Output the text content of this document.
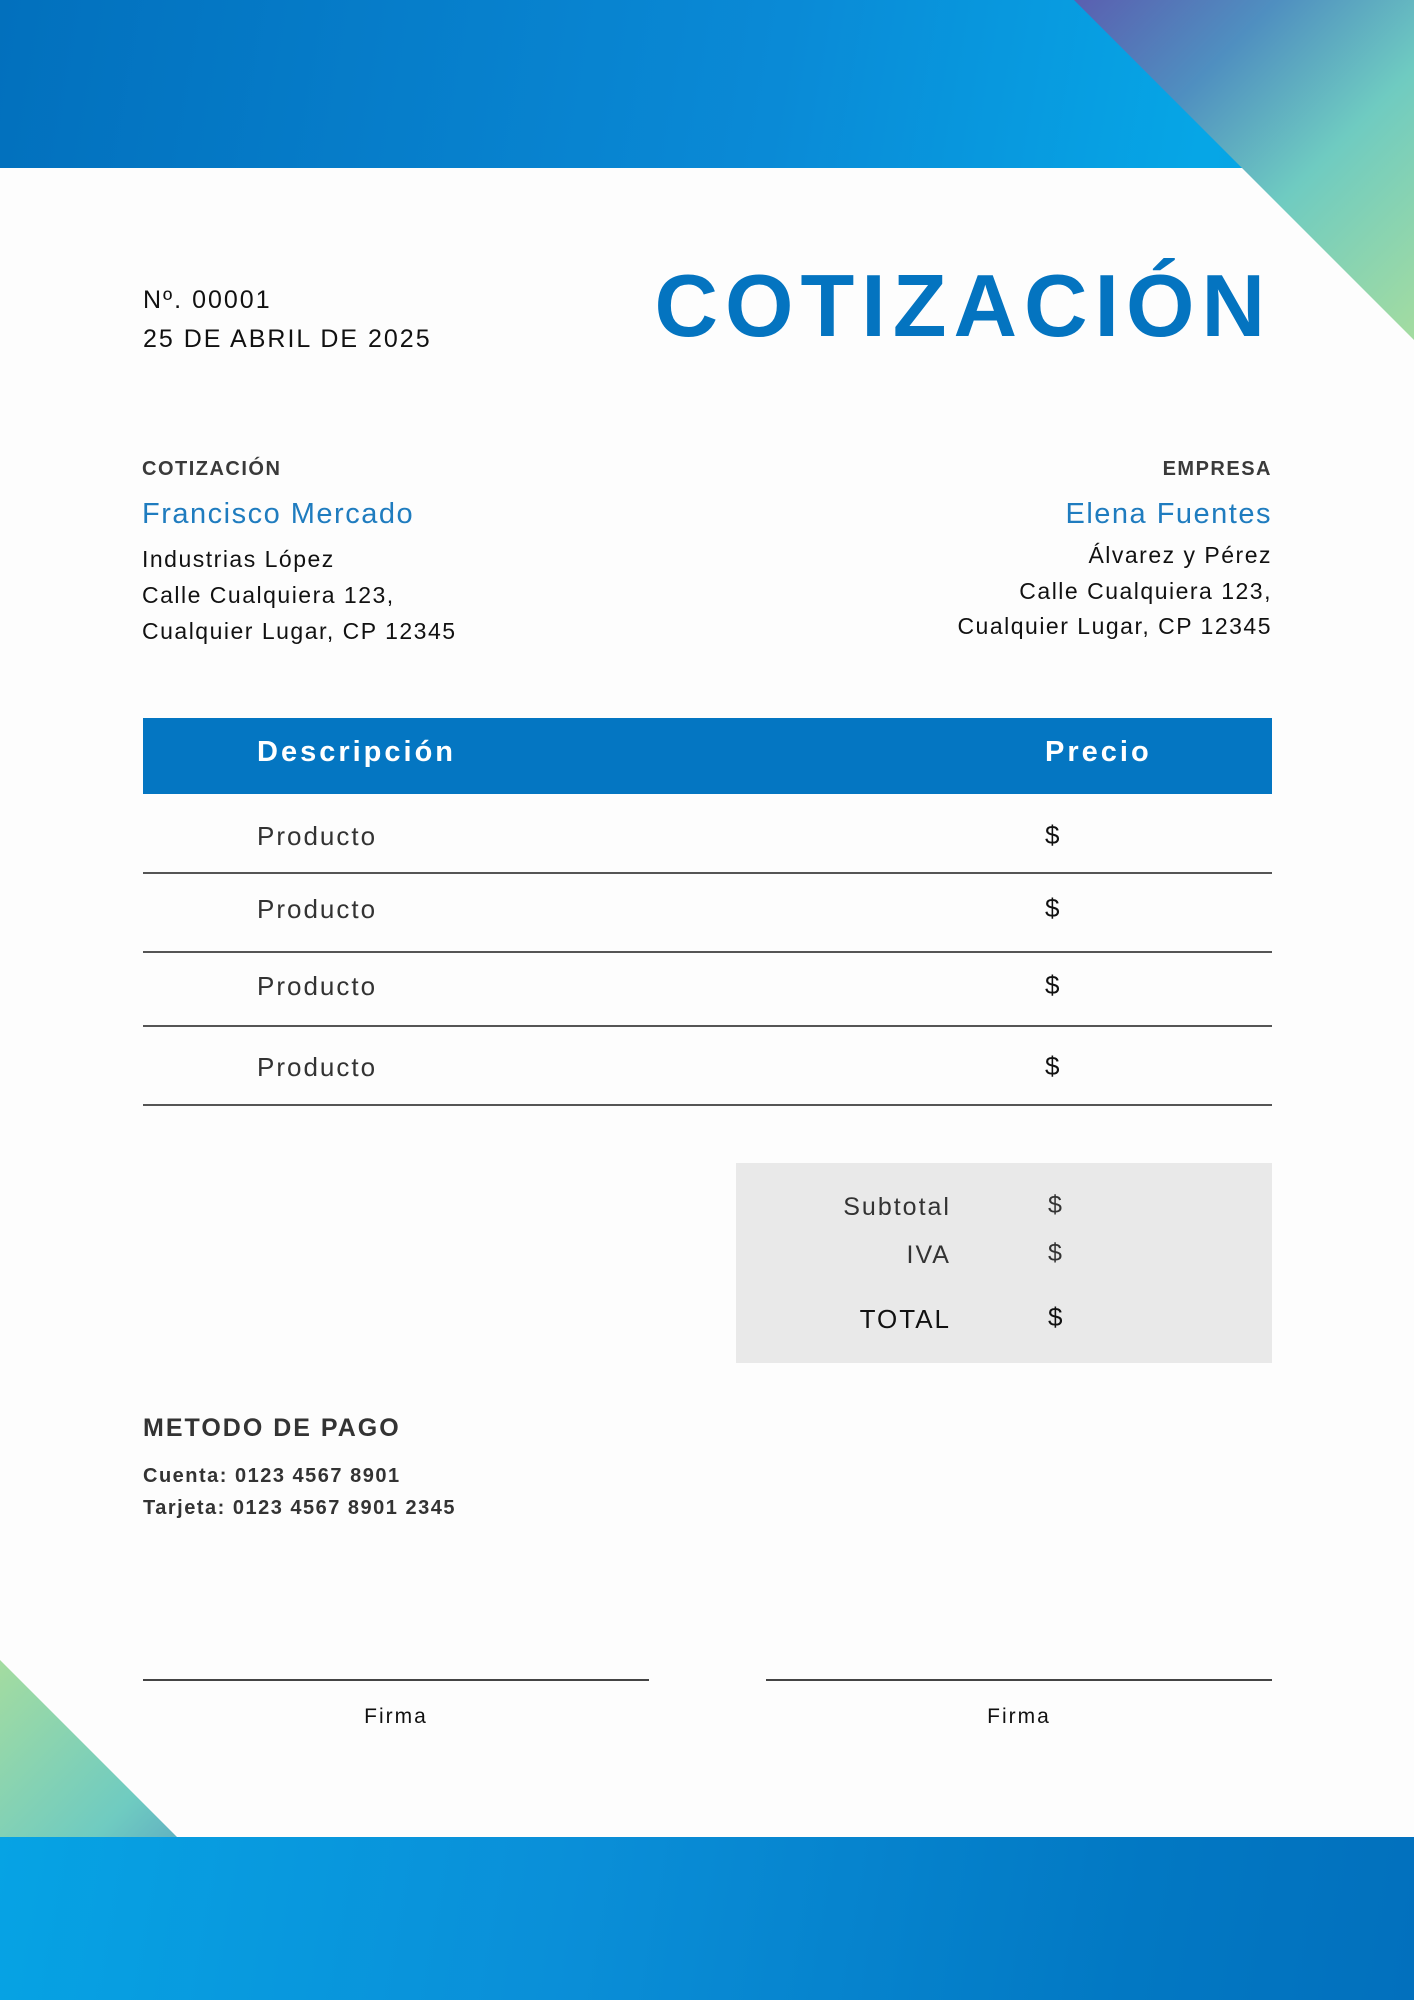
Nº. 00001
25 DE ABRIL DE 2025	COTIZACIÓN
COTIZACIÓN
Francisco Mercado
Industrias López
Calle Cualquiera 123,
Cualquier Lugar, CP 12345
EMPRESA
Elena Fuentes
Álvarez y Pérez
Calle Cualquiera 123,
Cualquier Lugar, CP 12345
Descripción	Precio
Producto	$
Producto	$
Producto	$
Producto	$
Subtotal	$
IVA	$
TOTAL	$
METODO DE PAGO
Cuenta: 0123 4567 8901
Tarjeta: 0123 4567 8901 2345
Firma	Firma
